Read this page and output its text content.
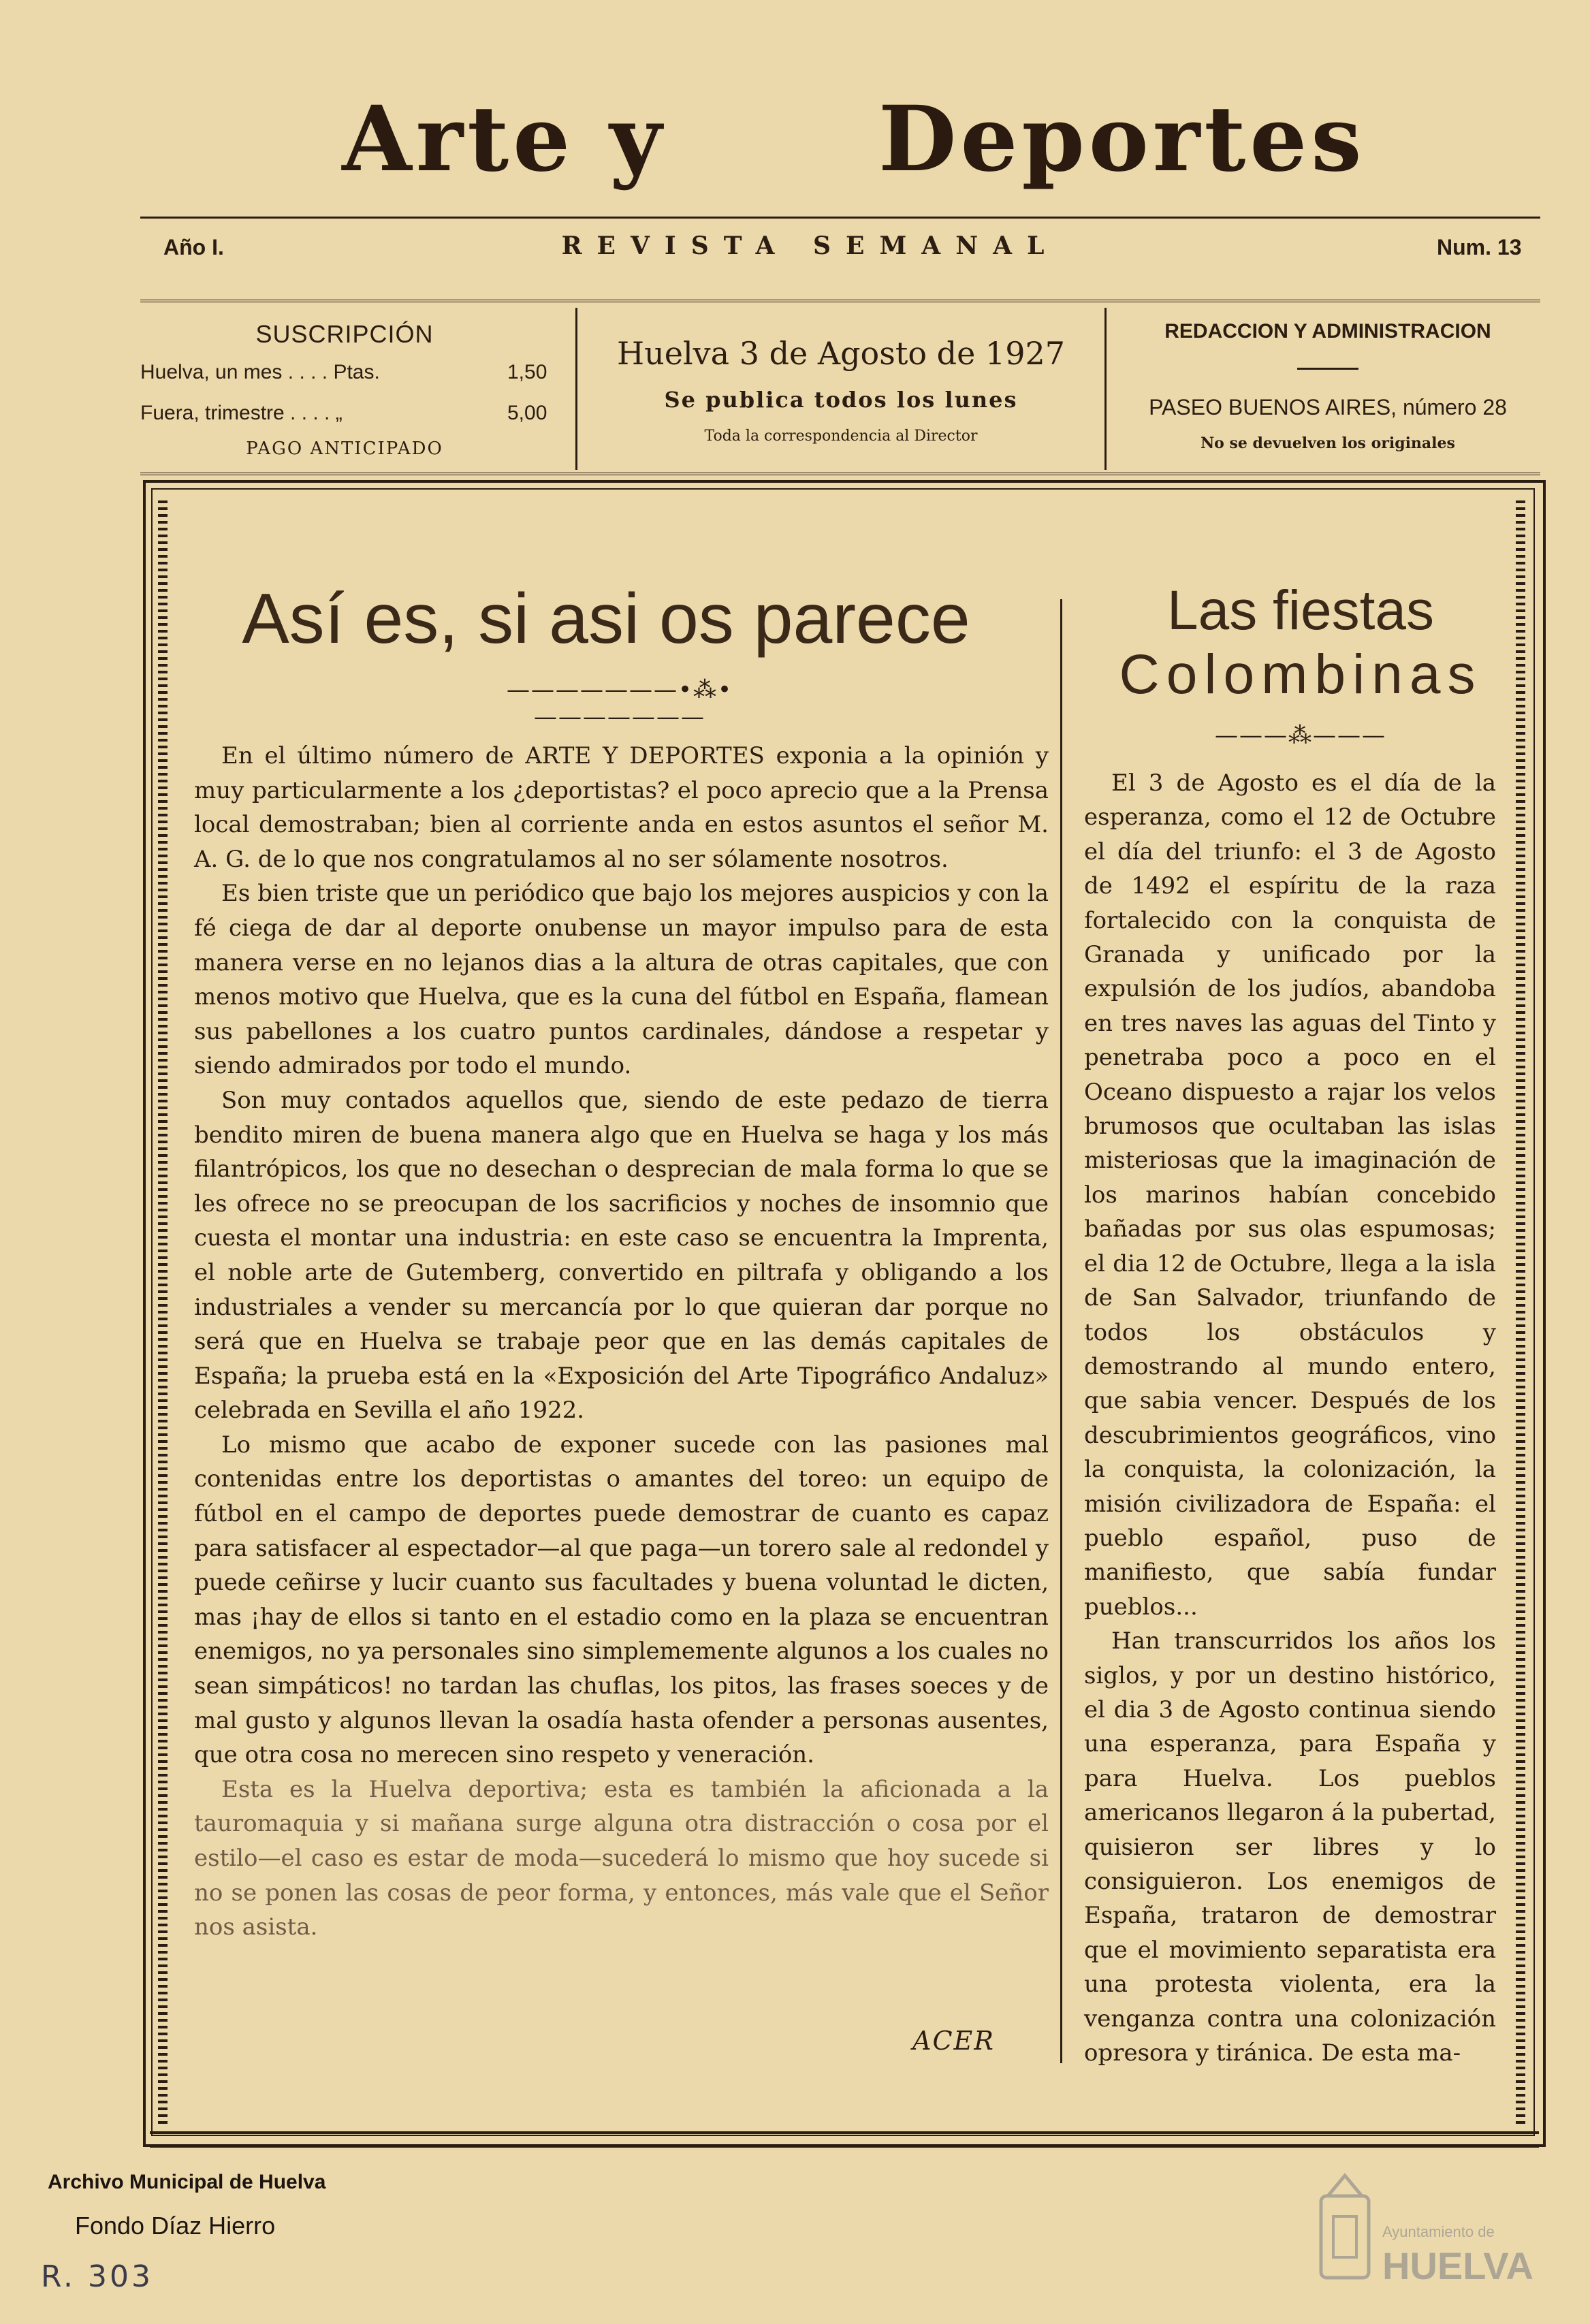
Arte y Deportes
Año I.	REVISTA SEMANAL	Num. 13
SUSCRIPCIÓN
Huelva, un mes . . . . Ptas.	1,50
Fuera, trimestre . . . . „	5,00
PAGO ANTICIPADO
Huelva 3 de Agosto de 1927
Se publica todos los lunes
Toda la correspondencia al Director
REDACCION Y ADMINISTRACION
PASEO BUENOS AIRES, número 28
No se devuelven los originales
Así es, si asi os parece
———————•⁂•———————

En el último número de ARTE Y DEPORTES exponia a la opinión y muy particularmente a los ¿deportistas? el poco aprecio que a la Prensa local demostraban; bien al corriente anda en estos asuntos el señor M. A. G. de lo que nos congratulamos al no ser sólamente nosotros.

Es bien triste que un periódico que bajo los mejores auspicios y con la fé ciega de dar al deporte onubense un mayor impulso para de esta manera verse en no lejanos dias a la altura de otras capitales, que con menos motivo que Huelva, que es la cuna del fútbol en España, flamean sus pabellones a los cuatro puntos cardinales, dándose a respetar y siendo admirados por todo el mundo.

Son muy contados aquellos que, siendo de este pedazo de tierra bendito miren de buena manera algo que en Huelva se haga y los más filantrópicos, los que no desechan o desprecian de mala forma lo que se les ofrece no se preocupan de los sacrificios y noches de insomnio que cuesta el montar una industria: en este caso se encuentra la Imprenta, el noble arte de Gutemberg, convertido en piltrafa y obligando a los industriales a vender su mercancía por lo que quieran dar porque no será que en Huelva se trabaje peor que en las demás capitales de España; la prueba está en la «Exposición del Arte Tipográfico Andaluz» celebrada en Sevilla el año 1922.

Lo mismo que acabo de exponer sucede con las pasiones mal contenidas entre los deportistas o amantes del toreo: un equipo de fútbol en el campo de deportes puede demostrar de cuanto es capaz para satisfacer al espectador—al que paga—un torero sale al redondel y puede ceñirse y lucir cuanto sus facultades y buena voluntad le dicten, mas ¡hay de ellos si tanto en el estadio como en la plaza se encuentran enemigos, no ya personales sino simplememente algunos a los cuales no sean simpáticos! no tardan las chuflas, los pitos, las frases soeces y de mal gusto y algunos llevan la osadía hasta ofender a personas ausentes, que otra cosa no merecen sino respeto y veneración.

Esta es la Huelva deportiva; esta es también la aficionada a la tauromaquia y si mañana surge alguna otra distracción o cosa por el estilo—el caso es estar de moda—sucederá lo mismo que hoy sucede si no se ponen las cosas de peor forma, y entonces, más vale que el Señor nos asista.

ACER
Las fiestas
Colombinas
———⁂———

El 3 de Agosto es el día de la esperanza, como el 12 de Octubre el día del triunfo: el 3 de Agosto de 1492 el espíritu de la raza fortalecido con la conquista de Granada y unificado por la expulsión de los judíos, abandoba en tres naves las aguas del Tinto y penetraba poco a poco en el Oceano dispuesto a rajar los velos brumosos que ocultaban las islas misteriosas que la imaginación de los marinos habían concebido bañadas por sus olas espumosas; el dia 12 de Octubre, llega a la isla de San Salvador, triunfando de todos los obstáculos y demostrando al mundo entero, que sabia vencer. Después de los descubrimientos geográficos, vino la conquista, la colonización, la misión civilizadora de España: el pueblo español, puso de manifiesto, que sabía fundar pueblos...

Han transcurridos los años los siglos, y por un destino histórico, el dia 3 de Agosto continua siendo una esperanza, para España y para Huelva. Los pueblos americanos llegaron á la pubertad, quisieron ser libres y lo consiguieron. Los enemigos de España, trataron de demostrar que el movimiento separatista era una protesta violenta, era la venganza contra una colonización opresora y tiránica. De esta ma-

Archivo Municipal de Huelva
Fondo Díaz Hierro
R. 303
Ayuntamiento de
HUELVA
